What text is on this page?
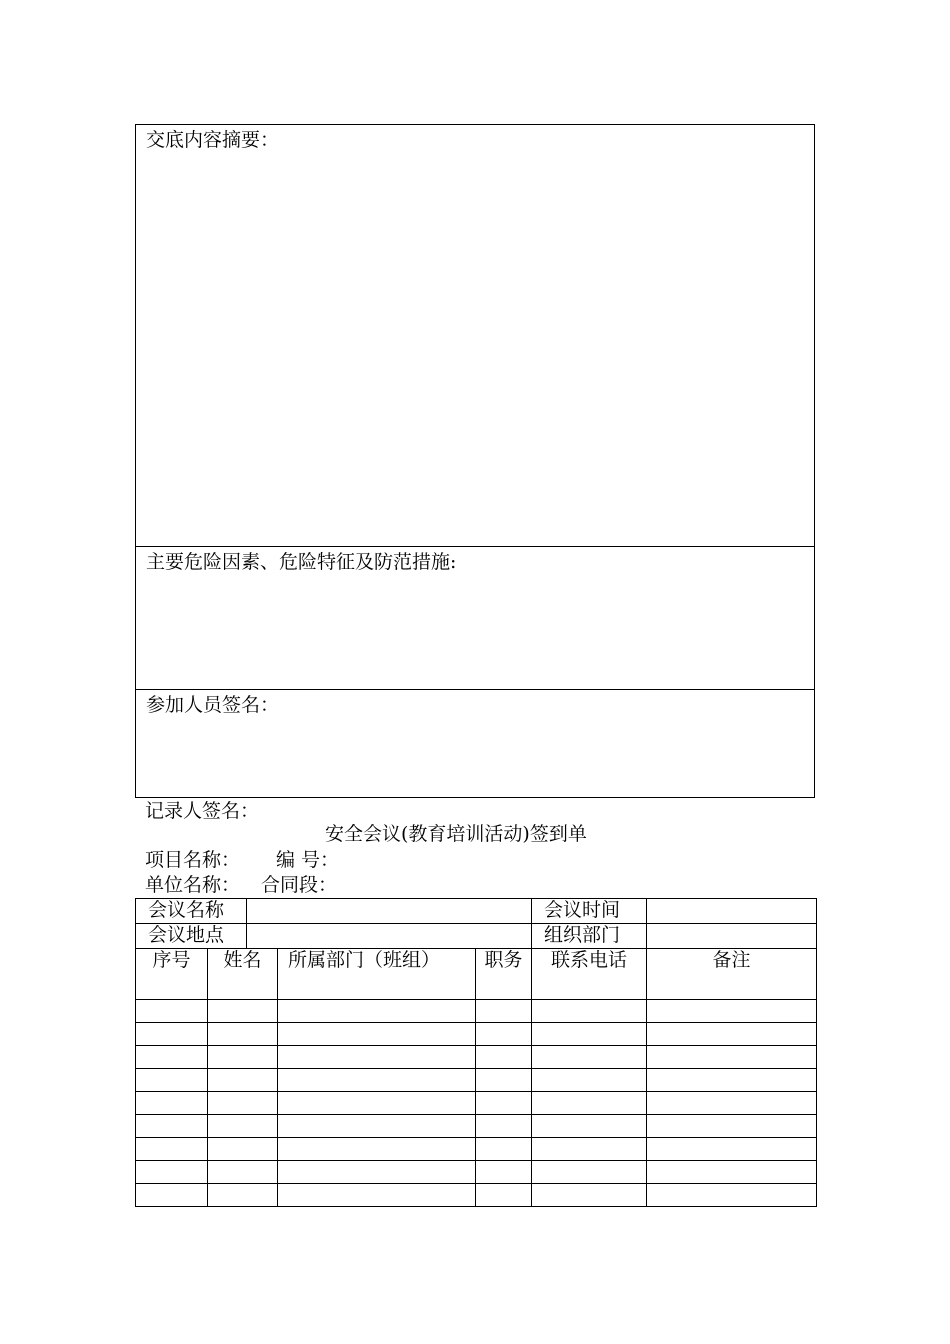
交底内容摘要：
主要危险因素、危险特征及防范措施:
参加人员签名：
记录人签名：
安全会议(教育培训活动)签到单
项目名称： 编 号：
单位名称： 合同段：
会议名称					会议时间	
会议地点					组织部门	
序号	姓名		所属部门（班组）	职务	联系电话	备注
